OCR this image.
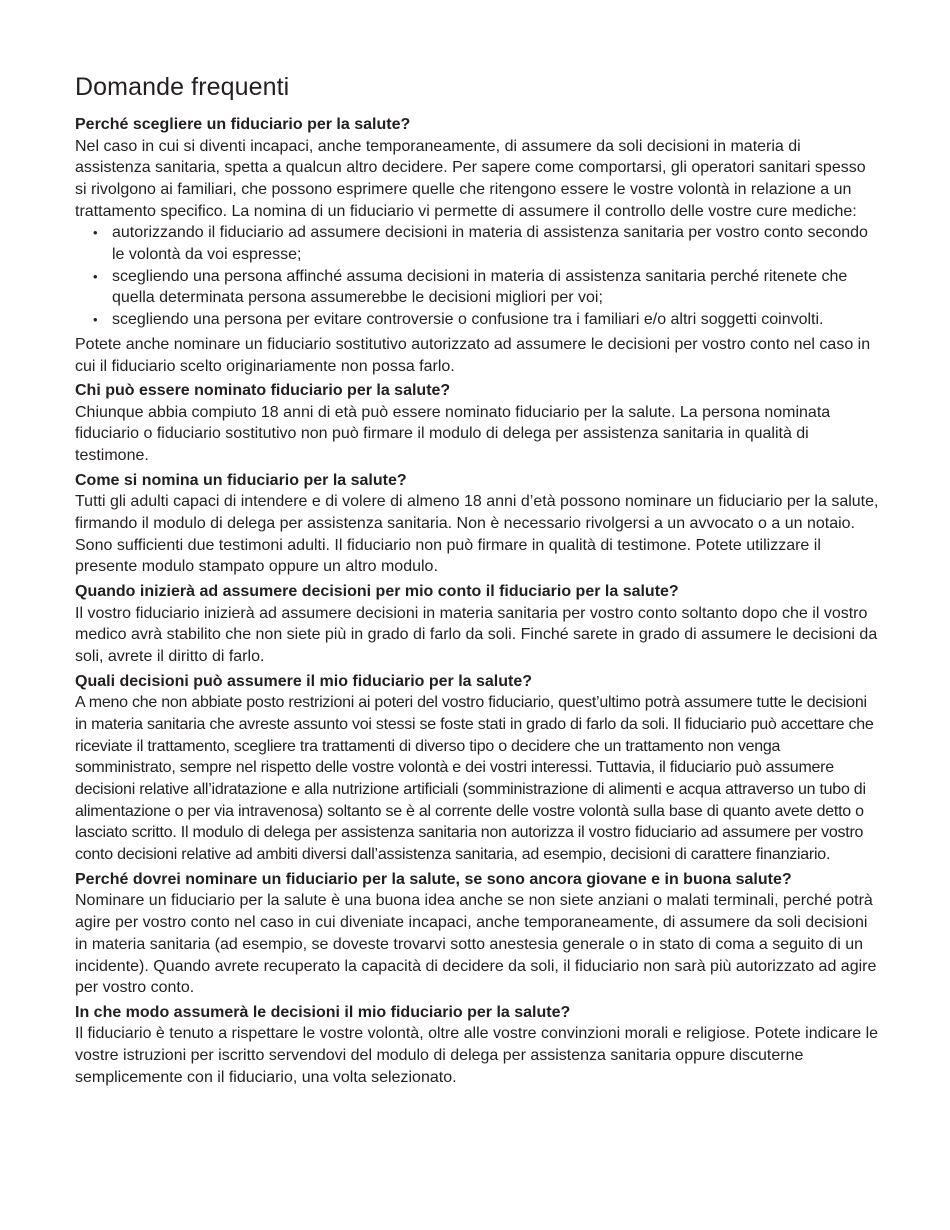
Domande frequenti

Perché scegliere un fiduciario per la salute?

Nel caso in cui si diventi incapaci, anche temporaneamente, di assumere da soli decisioni in materia di assistenza sanitaria, spetta a qualcun altro decidere. Per sapere come comportarsi, gli operatori sanitari spesso si rivolgono ai familiari, che possono esprimere quelle che ritengono essere le vostre volontà in relazione a un trattamento specifico. La nomina di un fiduciario vi permette di assumere il controllo delle vostre cure mediche:

• autorizzando il fiduciario ad assumere decisioni in materia di assistenza sanitaria per vostro conto secondo le volontà da voi espresse;
• scegliendo una persona affinché assuma decisioni in materia di assistenza sanitaria perché ritenete che quella determinata persona assumerebbe le decisioni migliori per voi;
• scegliendo una persona per evitare controversie o confusione tra i familiari e/o altri soggetti coinvolti.

Potete anche nominare un fiduciario sostitutivo autorizzato ad assumere le decisioni per vostro conto nel caso in cui il fiduciario scelto originariamente non possa farlo.

Chi può essere nominato fiduciario per la salute?

Chiunque abbia compiuto 18 anni di età può essere nominato fiduciario per la salute. La persona nominata fiduciario o fiduciario sostitutivo non può firmare il modulo di delega per assistenza sanitaria in qualità di testimone.

Come si nomina un fiduciario per la salute?

Tutti gli adulti capaci di intendere e di volere di almeno 18 anni d’età possono nominare un fiduciario per la salute, firmando il modulo di delega per assistenza sanitaria. Non è necessario rivolgersi a un avvocato o a un notaio. Sono sufficienti due testimoni adulti. Il fiduciario non può firmare in qualità di testimone. Potete utilizzare il presente modulo stampato oppure un altro modulo.

Quando inizierà ad assumere decisioni per mio conto il fiduciario per la salute?

Il vostro fiduciario inizierà ad assumere decisioni in materia sanitaria per vostro conto soltanto dopo che il vostro medico avrà stabilito che non siete più in grado di farlo da soli. Finché sarete in grado di assumere le decisioni da soli, avrete il diritto di farlo.

Quali decisioni può assumere il mio fiduciario per la salute?

A meno che non abbiate posto restrizioni ai poteri del vostro fiduciario, quest’ultimo potrà assumere tutte le decisioni in materia sanitaria che avreste assunto voi stessi se foste stati in grado di farlo da soli. Il fiduciario può accettare che riceviate il trattamento, scegliere tra trattamenti di diverso tipo o decidere che un trattamento non venga somministrato, sempre nel rispetto delle vostre volontà e dei vostri interessi. Tuttavia, il fiduciario può assumere decisioni relative all’idratazione e alla nutrizione artificiali (somministrazione di alimenti e acqua attraverso un tubo di alimentazione o per via intravenosa) soltanto se è al corrente delle vostre volontà sulla base di quanto avete detto o lasciato scritto. Il modulo di delega per assistenza sanitaria non autorizza il vostro fiduciario ad assumere per vostro conto decisioni relative ad ambiti diversi dall’assistenza sanitaria, ad esempio, decisioni di carattere finanziario.

Perché dovrei nominare un fiduciario per la salute, se sono ancora giovane e in buona salute?

Nominare un fiduciario per la salute è una buona idea anche se non siete anziani o malati terminali, perché potrà agire per vostro conto nel caso in cui diveniate incapaci, anche temporaneamente, di assumere da soli decisioni in materia sanitaria (ad esempio, se doveste trovarvi sotto anestesia generale o in stato di coma a seguito di un incidente). Quando avrete recuperato la capacità di decidere da soli, il fiduciario non sarà più autorizzato ad agire per vostro conto.

In che modo assumerà le decisioni il mio fiduciario per la salute?

Il fiduciario è tenuto a rispettare le vostre volontà, oltre alle vostre convinzioni morali e religiose. Potete indicare le vostre istruzioni per iscritto servendovi del modulo di delega per assistenza sanitaria oppure discuterne semplicemente con il fiduciario, una volta selezionato.
